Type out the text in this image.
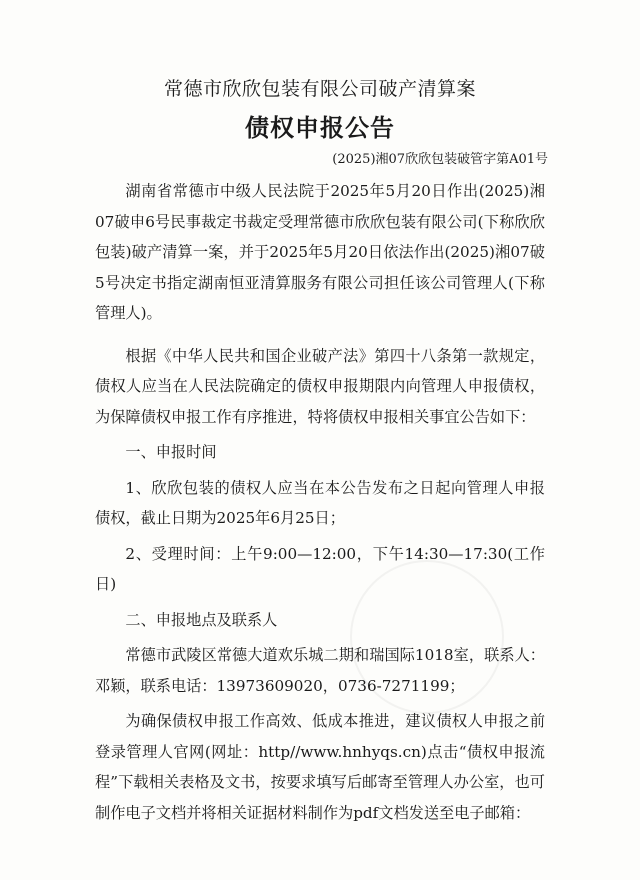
常德市欣欣包装有限公司破产清算案
债权申报公告
(2025)湘07欣欣包装破管字第A01号

湖南省常德市中级人民法院于2025年5月20日作出(2025)湘07破申6号民事裁定书裁定受理常德市欣欣包装有限公司(下称欣欣包装)破产清算一案，并于2025年5月20日依法作出(2025)湘07破5号决定书指定湖南恒亚清算服务有限公司担任该公司管理人(下称管理人)。

根据《中华人民共和国企业破产法》第四十八条第一款规定，债权人应当在人民法院确定的债权申报期限内向管理人申报债权，为保障债权申报工作有序推进，特将债权申报相关事宜公告如下：

一、申报时间

1、欣欣包装的债权人应当在本公告发布之日起向管理人申报债权，截止日期为2025年6月25日；

2、受理时间：上午9:00—12:00，下午14:30—17:30(工作日)

二、申报地点及联系人

常德市武陵区常德大道欢乐城二期和瑞国际1018室，联系人：邓颖，联系电话：13973609020，0736-7271199；

为确保债权申报工作高效、低成本推进，建议债权人申报之前登录管理人官网(网址：http//www.hnhyqs.cn)点击“债权申报流程”下载相关表格及文书，按要求填写后邮寄至管理人办公室，也可制作电子文档并将相关证据材料制作为pdf文档发送至电子邮箱：
